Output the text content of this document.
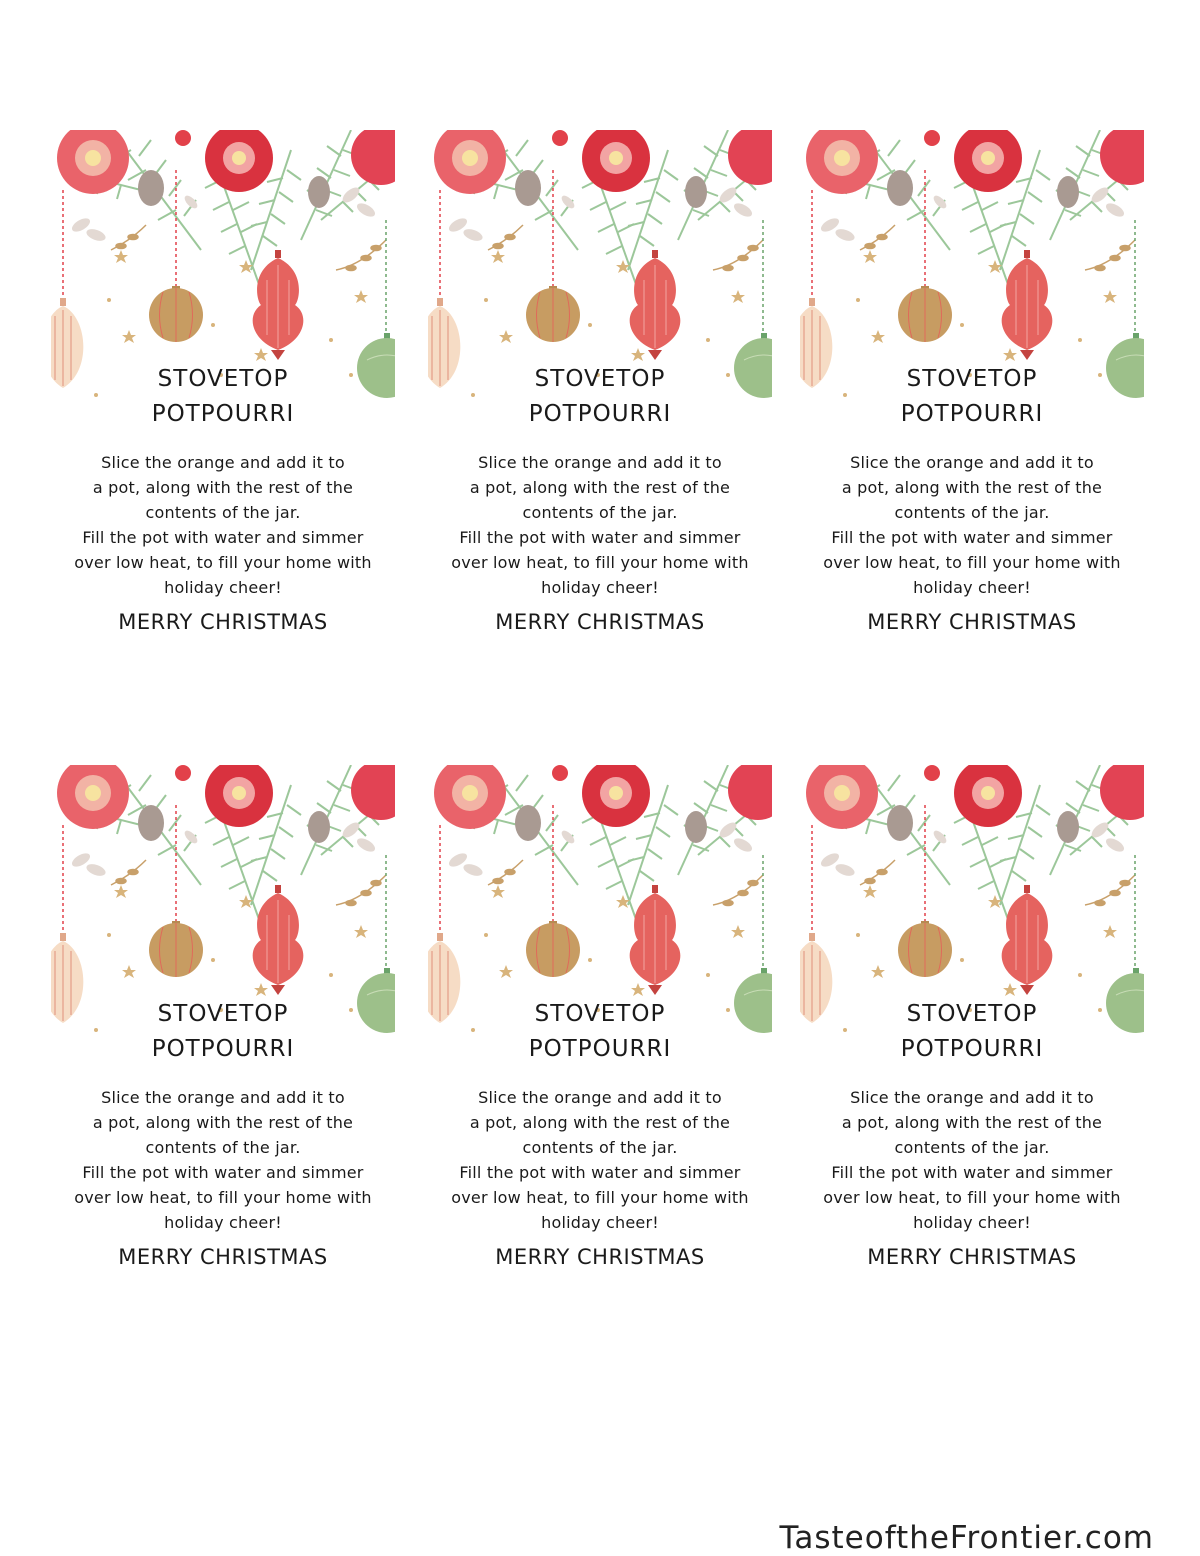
STOVETOP
POTPOURRI
Slice the orange and add it to
a pot, along with the rest of the
contents of the jar.
Fill the pot with water and simmer
over low heat, to fill your home with
holiday cheer!
MERRY CHRISTMAS
STOVETOP
POTPOURRI
Slice the orange and add it to
a pot, along with the rest of the
contents of the jar.
Fill the pot with water and simmer
over low heat, to fill your home with
holiday cheer!
MERRY CHRISTMAS
STOVETOP
POTPOURRI
Slice the orange and add it to
a pot, along with the rest of the
contents of the jar.
Fill the pot with water and simmer
over low heat, to fill your home with
holiday cheer!
MERRY CHRISTMAS
STOVETOP
POTPOURRI
Slice the orange and add it to
a pot, along with the rest of the
contents of the jar.
Fill the pot with water and simmer
over low heat, to fill your home with
holiday cheer!
MERRY CHRISTMAS
STOVETOP
POTPOURRI
Slice the orange and add it to
a pot, along with the rest of the
contents of the jar.
Fill the pot with water and simmer
over low heat, to fill your home with
holiday cheer!
MERRY CHRISTMAS
STOVETOP
POTPOURRI
Slice the orange and add it to
a pot, along with the rest of the
contents of the jar.
Fill the pot with water and simmer
over low heat, to fill your home with
holiday cheer!
MERRY CHRISTMAS
TasteoftheFrontier.com
